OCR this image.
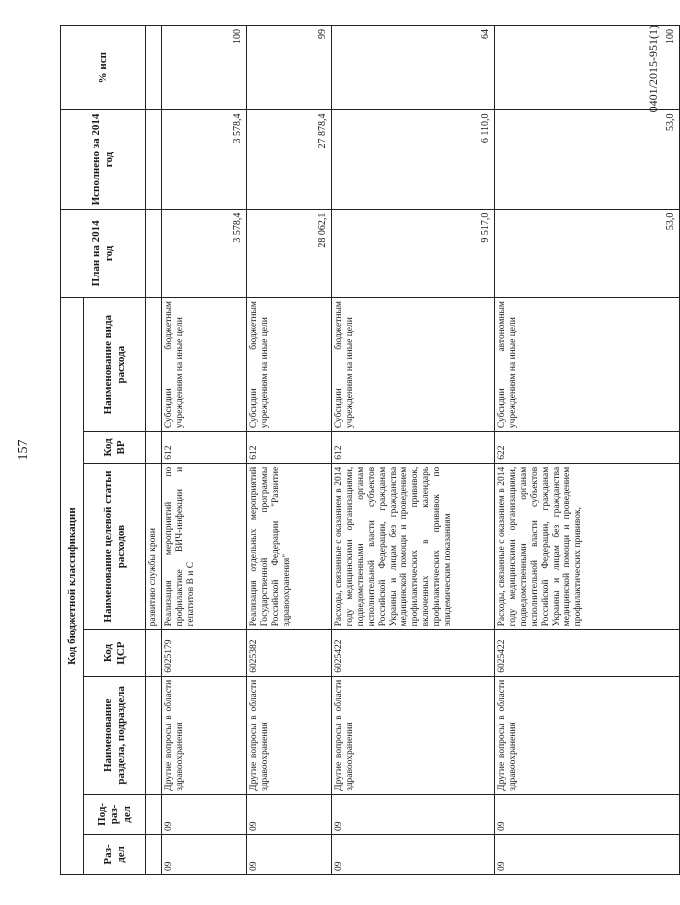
157
Код бюджетной классификации							План на 2014 год	Исполнено за 2014 год	% исп
Раз-дел	Под-раз-дел	Наименование раздела, подраздела	Код ЦСР	Наименование целевой статьи расходов	Код ВР	Наименование вида расхода			
				развитию службы крови					
09	09	Другие вопросы в области здравоохранения	6025179	Реализация мероприятий по профилактике ВИЧ-инфекции и гепатитов B и C	612	Субсидии бюджетным учреждениям на иные цели	3 578,4	3 578,4	100
09	09	Другие вопросы в области здравоохранения	6025382	Реализация отдельных мероприятий Государственной программы Российской Федерации "Развитие здравоохранения"	612	Субсидии бюджетным учреждениям на иные цели	28 062,1	27 878,4	99
09	09	Другие вопросы в области здравоохранения	6025422	Расходы, связанные с оказанием в 2014 году медицинскими организациями, подведомственными органам исполнительной власти субъектов Российской Федерации, гражданам Украины и лицам без гражданства медицинской помощи и проведением профилактических прививок, включенных в календарь профилактических прививок по эпидемическим показаниям	612	Субсидии бюджетным учреждениям на иные цели	9 517,0	6 110,0	64
09	09	Другие вопросы в области здравоохранения	6025422	Расходы, связанные с оказанием в 2014 году медицинскими организациями, подведомственными органам исполнительной власти субъектов Российской Федерации, гражданам Украины и лицам без гражданства медицинской помощи и проведением профилактических прививок,	622	Субсидии автономным учреждениям на иные цели	53,0	53,0	100
0401/2015-951(1)
